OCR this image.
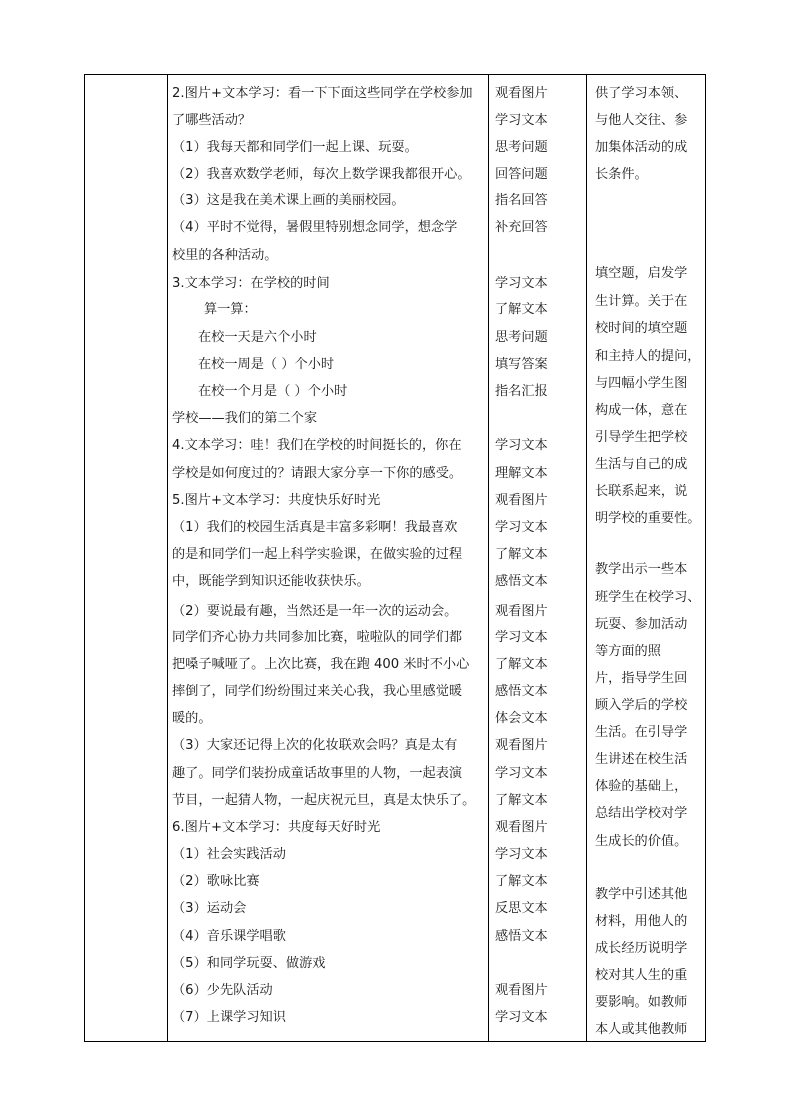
2.图片+文本学习：看一下下面这些同学在学校参加
了哪些活动？
（1）我每天都和同学们一起上课、玩耍。
（2）我喜欢数学老师，每次上数学课我都很开心。
（3）这是我在美术课上画的美丽校园。
（4）平时不觉得，暑假里特别想念同学，想念学
校里的各种活动。
3.文本学习：在学校的时间
算一算：
在校一天是六个小时
在校一周是（ ）个小时
在校一个月是（ ）个小时
学校——我们的第二个家
4.文本学习：哇！我们在学校的时间挺长的，你在
学校是如何度过的？请跟大家分享一下你的感受。
5.图片+文本学习：共度快乐好时光
（1）我们的校园生活真是丰富多彩啊！我最喜欢
的是和同学们一起上科学实验课，在做实验的过程
中，既能学到知识还能收获快乐。
（2）要说最有趣，当然还是一年一次的运动会。
同学们齐心协力共同参加比赛，啦啦队的同学们都
把嗓子喊哑了。上次比赛，我在跑 400 米时不小心
摔倒了，同学们纷纷围过来关心我，我心里感觉暖
暖的。
（3）大家还记得上次的化妆联欢会吗？真是太有
趣了。同学们装扮成童话故事里的人物，一起表演
节目，一起猜人物，一起庆祝元旦，真是太快乐了。
6.图片+文本学习：共度每天好时光
（1）社会实践活动
（2）歌咏比赛
（3）运动会
（4）音乐课学唱歌
（5）和同学玩耍、做游戏
（6）少先队活动
（7）上课学习知识
观看图片
学习文本
思考问题
回答问题
指名回答
补充回答
学习文本
了解文本
思考问题
填写答案
指名汇报
学习文本
理解文本
观看图片
学习文本
了解文本
感悟文本
观看图片
学习文本
了解文本
感悟文本
体会文本
观看图片
学习文本
了解文本
观看图片
学习文本
了解文本
反思文本
感悟文本
观看图片
学习文本
供了学习本领、
与他人交往、参
加集体活动的成
长条件。
填空题，启发学
生计算。关于在
校时间的填空题
和主持人的提问，
与四幅小学生图
构成一体，意在
引导学生把学校
生活与自己的成
长联系起来，说
明学校的重要性。
教学出示一些本
班学生在校学习、
玩耍、参加活动
等方面的照
片，指导学生回
顾入学后的学校
生活。在引导学
生讲述在校生活
体验的基础上，
总结出学校对学
生成长的价值。
教学中引述其他
材料，用他人的
成长经历说明学
校对其人生的重
要影响。如教师
本人或其他教师
